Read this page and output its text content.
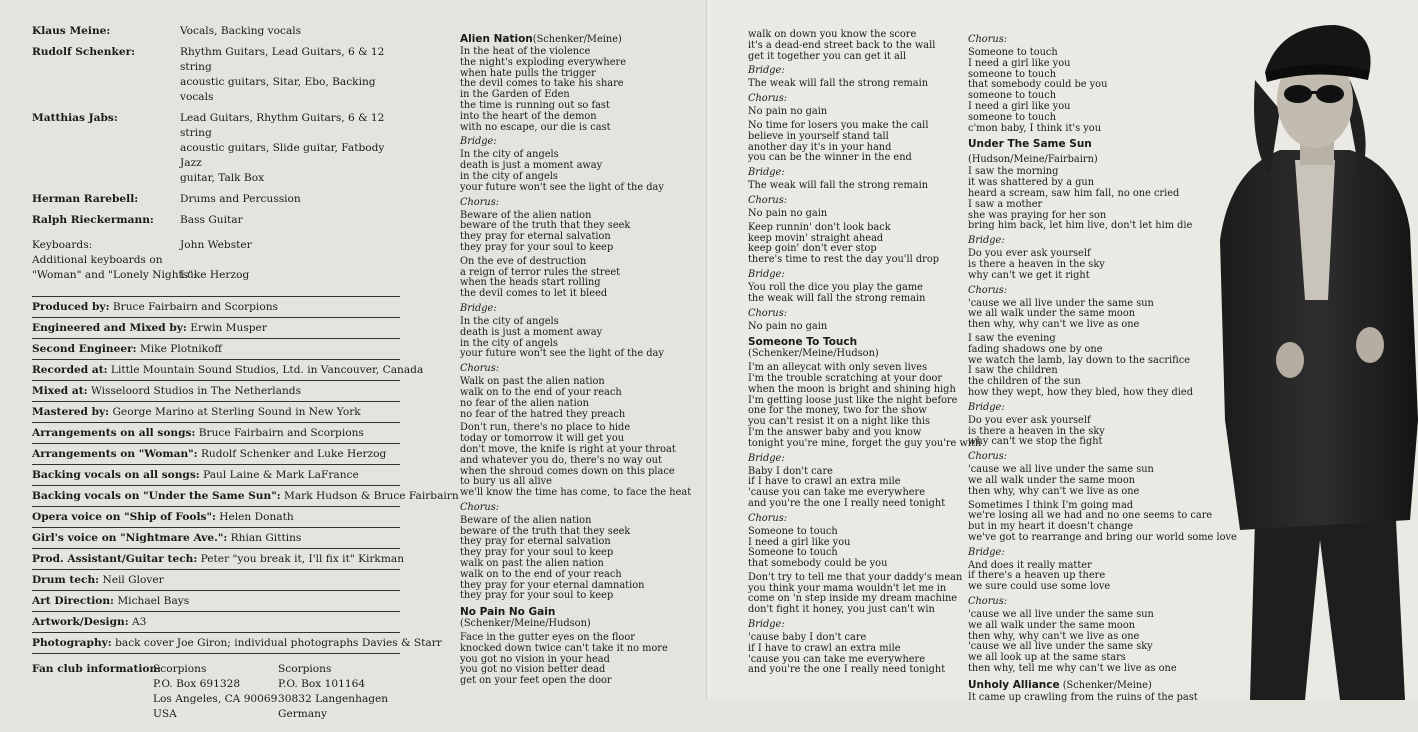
Klaus Meine:	Vocals, Backing vocals
Rudolf Schenker:	Rhythm Guitars, Lead Guitars, 6 & 12 string
acoustic guitars, Sitar, Ebo, Backing vocals
Matthias Jabs:	Lead Guitars, Rhythm Guitars, 6 & 12 string
acoustic guitars, Slide guitar, Fatbody Jazz
guitar, Talk Box
Herman Rarebell:	Drums and Percussion
Ralph Rieckermann: Bass Guitar
Keyboards:	John Webster
Additional keyboards on
"Woman" and "Lonely Nights":
Luke Herzog
Produced by: Bruce Fairbairn and Scorpions
Engineered and Mixed by: Erwin Musper
Second Engineer: Mike Plotnikoff
Recorded at: Little Mountain Sound Studios, Ltd. in Vancouver, Canada
Mixed at: Wisseloord Studios in The Netherlands
Mastered by: George Marino at Sterling Sound in New York
Arrangements on all songs: Bruce Fairbairn and Scorpions
Arrangements on "Woman": Rudolf Schenker and Luke Herzog
Backing vocals on all songs: Paul Laine & Mark LaFrance
Backing vocals on "Under the Same Sun": Mark Hudson & Bruce Fairbairn
Opera voice on "Ship of Fools": Helen Donath
Girl's voice on "Nightmare Ave.": Rhian Gittins
Prod. Assistant/Guitar tech: Peter "you break it, I'll fix it" Kirkman
Drum tech: Neil Glover
Art Direction: Michael Bays
Artwork/Design: A3
Photography: back cover Joe Giron; individual photographs Davies & Starr
Fan club information:
Scorpions
P.O. Box 691328
Los Angeles, CA 90069
USA
Scorpions
P.O. Box 101164
30832 Langenhagen
Germany
Alien Nation(Schenker/Meine)

In the heat of the violence
the night's exploding everywhere
when hate pulls the trigger
the devil comes to take his share
in the Garden of Eden
the time is running out so fast
into the heart of the demon
with no escape, our die is cast

Bridge:

In the city of angels
death is just a moment away
in the city of angels
your future won't see the light of the day

Chorus:

Beware of the alien nation
beware of the truth that they seek
they pray for eternal salvation
they pray for your soul to keep

On the eve of destruction
a reign of terror rules the street
when the heads start rolling
the devil comes to let it bleed

Bridge:

In the city of angels
death is just a moment away
in the city of angels
your future won't see the light of the day

Chorus:

Walk on past the alien nation
walk on to the end of your reach
no fear of the alien nation
no fear of the hatred they preach

Don't run, there's no place to hide
today or tomorrow it will get you
don't move, the knife is right at your throat
and whatever you do, there's no way out
when the shroud comes down on this place
to bury us all alive
we'll know the time has come, to face the heat

Chorus:

Beware of the alien nation
beware of the truth that they seek
they pray for eternal salvation
they pray for your soul to keep
walk on past the alien nation
walk on to the end of your reach
they pray for your eternal damnation
they pray for your soul to keep

No Pain No Gain

(Schenker/Meine/Hudson)

Face in the gutter eyes on the floor
knocked down twice can't take it no more
you got no vision in your head
you got no vision better dead
get on your feet open the door

walk on down you know the score
it's a dead-end street back to the wall
get it together you can get it all

Bridge:

The weak will fall the strong remain

Chorus:

No pain no gain

No time for losers you make the call
believe in yourself stand tall
another day it's in your hand
you can be the winner in the end

Bridge:

The weak will fall the strong remain

Chorus:

No pain no gain

Keep runnin' don't look back
keep movin' straight ahead
keep goin' don't ever stop
there's time to rest the day you'll drop

Bridge:

You roll the dice you play the game
the weak will fall the strong remain

Chorus:

No pain no gain

Someone To Touch

(Schenker/Meine/Hudson)

I'm an alleycat with only seven lives
I'm the trouble scratching at your door
when the moon is bright and shining high
I'm getting loose just like the night before
one for the money, two for the show
you can't resist it on a night like this
I'm the answer baby and you know
tonight you're mine, forget the guy you're with

Bridge:

Baby I don't care
if I have to crawl an extra mile
'cause you can take me everywhere
and you're the one I really need tonight

Chorus:

Someone to touch
I need a girl like you
Someone to touch
that somebody could be you

Don't try to tell me that your daddy's mean
you think your mama wouldn't let me in
come on 'n step inside my dream machine
don't fight it honey, you just can't win

Bridge:

'cause baby I don't care
if I have to crawl an extra mile
'cause you can take me everywhere
and you're the one I really need tonight

Chorus:

Someone to touch
I need a girl like you
someone to touch
that somebody could be you
someone to touch
I need a girl like you
someone to touch
c'mon baby, I think it's you

Under The Same Sun (Hudson/Meine/Fairbairn)

I saw the morning
it was shattered by a gun
heard a scream, saw him fall, no one cried
I saw a mother
she was praying for her son
bring him back, let him live, don't let him die

Bridge:

Do you ever ask yourself
is there a heaven in the sky
why can't we get it right

Chorus:

'cause we all live under the same sun
we all walk under the same moon
then why, why can't we live as one

I saw the evening
fading shadows one by one
we watch the lamb, lay down to the sacrifice
I saw the children
the children of the sun
how they wept, how they bled, how they died

Bridge:

Do you ever ask yourself
is there a heaven in the sky
why can't we stop the fight

Chorus:

'cause we all live under the same sun
we all walk under the same moon
then why, why can't we live as one

Sometimes I think I'm going mad
we're losing all we had and no one seems to care
but in my heart it doesn't change
we've got to rearrange and bring our world some love

Bridge:

And does it really matter
if there's a heaven up there
we sure could use some love

Chorus:

'cause we all live under the same sun
we all walk under the same moon
then why, why can't we live as one
'cause we all live under the same sky
we all look up at the same stars
then why, tell me why can't we live as one

Unholy Alliance (Schenker/Meine)

It came up crawling from the ruins of the past
